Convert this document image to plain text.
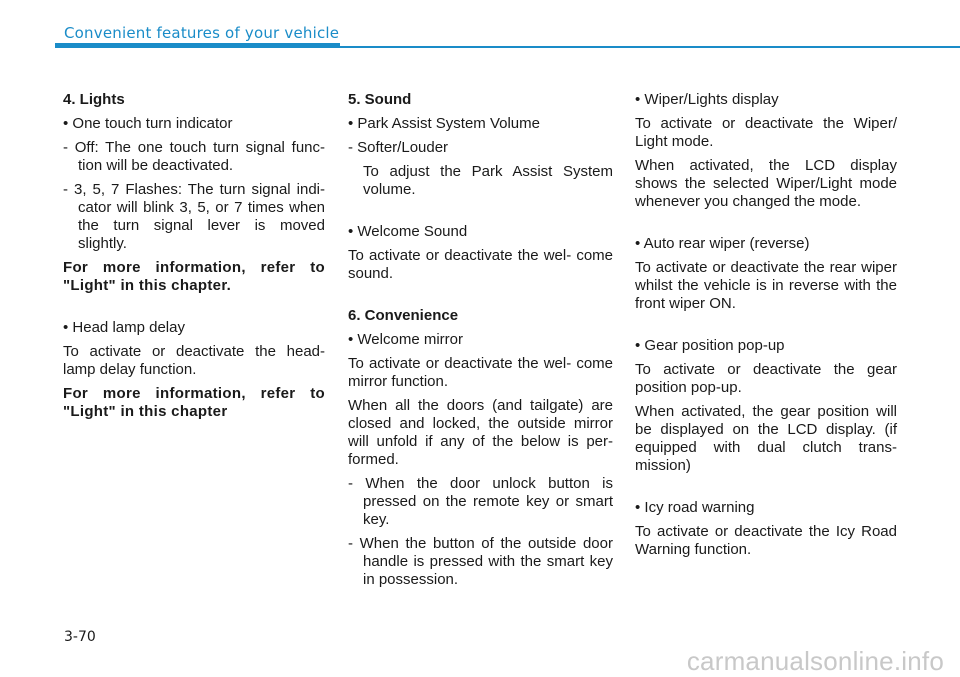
Convenient features of your vehicle

4. Lights

• One touch turn indicator

- Off: The one touch turn signal func- tion will be deactivated.

- 3, 5, 7 Flashes: The turn signal indi- cator will blink 3, 5, or 7 times when the turn signal lever is moved slightly.

For more information, refer to "Light" in this chapter.

• Head lamp delay

To activate or deactivate the head- lamp delay function.

For more information, refer to "Light" in this chapter

5. Sound

• Park Assist System Volume

- Softer/Louder

To adjust the Park Assist System volume.

• Welcome Sound

To activate or deactivate the wel- come sound.

6. Convenience

• Welcome mirror

To activate or deactivate the wel- come mirror function.

When all the doors (and tailgate) are closed and locked, the outside mirror will unfold if any of the below is per- formed.

- When the door unlock button is pressed on the remote key or smart key.

- When the button of the outside door handle is pressed with the smart key in possession.

• Wiper/Lights display

To activate or deactivate the Wiper/ Light mode.

When activated, the LCD display shows the selected Wiper/Light mode whenever you changed the mode.

• Auto rear wiper (reverse)

To activate or deactivate the rear wiper whilst the vehicle is in reverse with the front wiper ON.

• Gear position pop-up

To activate or deactivate the gear position pop-up.

When activated, the gear position will be displayed on the LCD display. (if equipped with dual clutch trans- mission)

• Icy road warning

To activate or deactivate the Icy Road Warning function.

3-70
carmanualsonline.info
